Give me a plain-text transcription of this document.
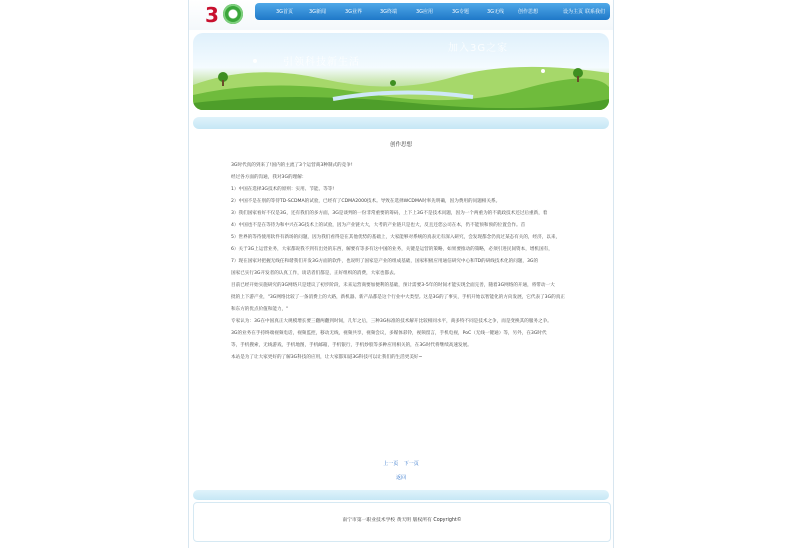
3	3G首页	3G新闻	3G业界	3G终端	3G应用	3G专题	3G无线	创作思想	设为主页 联系我们
引领科技新生活
加入3G之家
创作思想

3G时代真的到来了!国内的主流了3个运营商3种制式的竞争!

经过各方面的沟通，我对3G的理解：

1）中国在选择3G技术的原则：实用、节能、等等!

2）中国不是在别的等待TD-SCDMA的试验，已经有了CDMA2000技术。导致在选择WCDMA时率先明确，因为费用的问题相关系。

3）我们国家看好不仅是3G，还有我们的多方面，3G是谈判的一份非常重要的筹码，上下上3G不是技术问题，因为一个两重为的不就政技术还过后重新，着

4）中国也不是在等待为和中兴在3G技术上的试验，因为产业链大大，大考的产业链只是也大，反且还您公司在本，仍不能预和预的位置会作。首

5）世界的等待使用软件有新场的问题，因为我们看得是在其他优势的基础上，大家能够对系统的真表无有深入研究，会发现都念仍真过某态有关的，经济，以来，

6）关于3G上运营业务，大家都说我不到有出处的东西，解要有等多有这中国的业务，关键是运营的策略，如果要推动的策略，必须引进民间资本，增机国有，

7）现在国家对把握无线任和谐我们开发3G方面的软件，也说明了国家是产业的组成基础，国家积极应用通信研究中心和TD的研线技术化的问题，3G的

国家已实行3G开发者的认真工作，谈话者们都是，正好组织的消费，大家也都去。

目前已经开始实施研究的3G网络只是建议了初步阶段，未来运营商要加便利的基础，预计需要3-5年的时间才能实现全面完善，随着3G网络的开通，将带动一大

批的上下游产业，"3G网络比较了一条消费上的大路，新机器、新产品都是这个行业中大类型。这是3G的了事实，手机开始以智能化的方向发展，它代表了3G的真正

和东方的优点价值和能力，"

专家认为：3G在中国真正大规模增长要三翻两翻到时间，几年之后，三种3G标准的技术解开比较相同水平，商多特不同是技术之争，而是变换其的服务之争。

3G的业务在手持终端视频电话，视频监控，移动无线，视频共享，视频会议，多媒体彩铃，视频留言，手机电视，PoC（无线一键通）等，另外，在3G时代

等，手机搜索，无线游戏，手机地图，手机邮箱，手机银行，手机炒股等多种应用相关的，在3G时代将继续高速发展。

本站是为了让大家更好的了解3G科技的应用，让大家都知道3G科技可以让我们的生活更美好~

上一页 下一页
返回
南宁市第一职业技术学校 黄天明 版权所有 Copyright©
